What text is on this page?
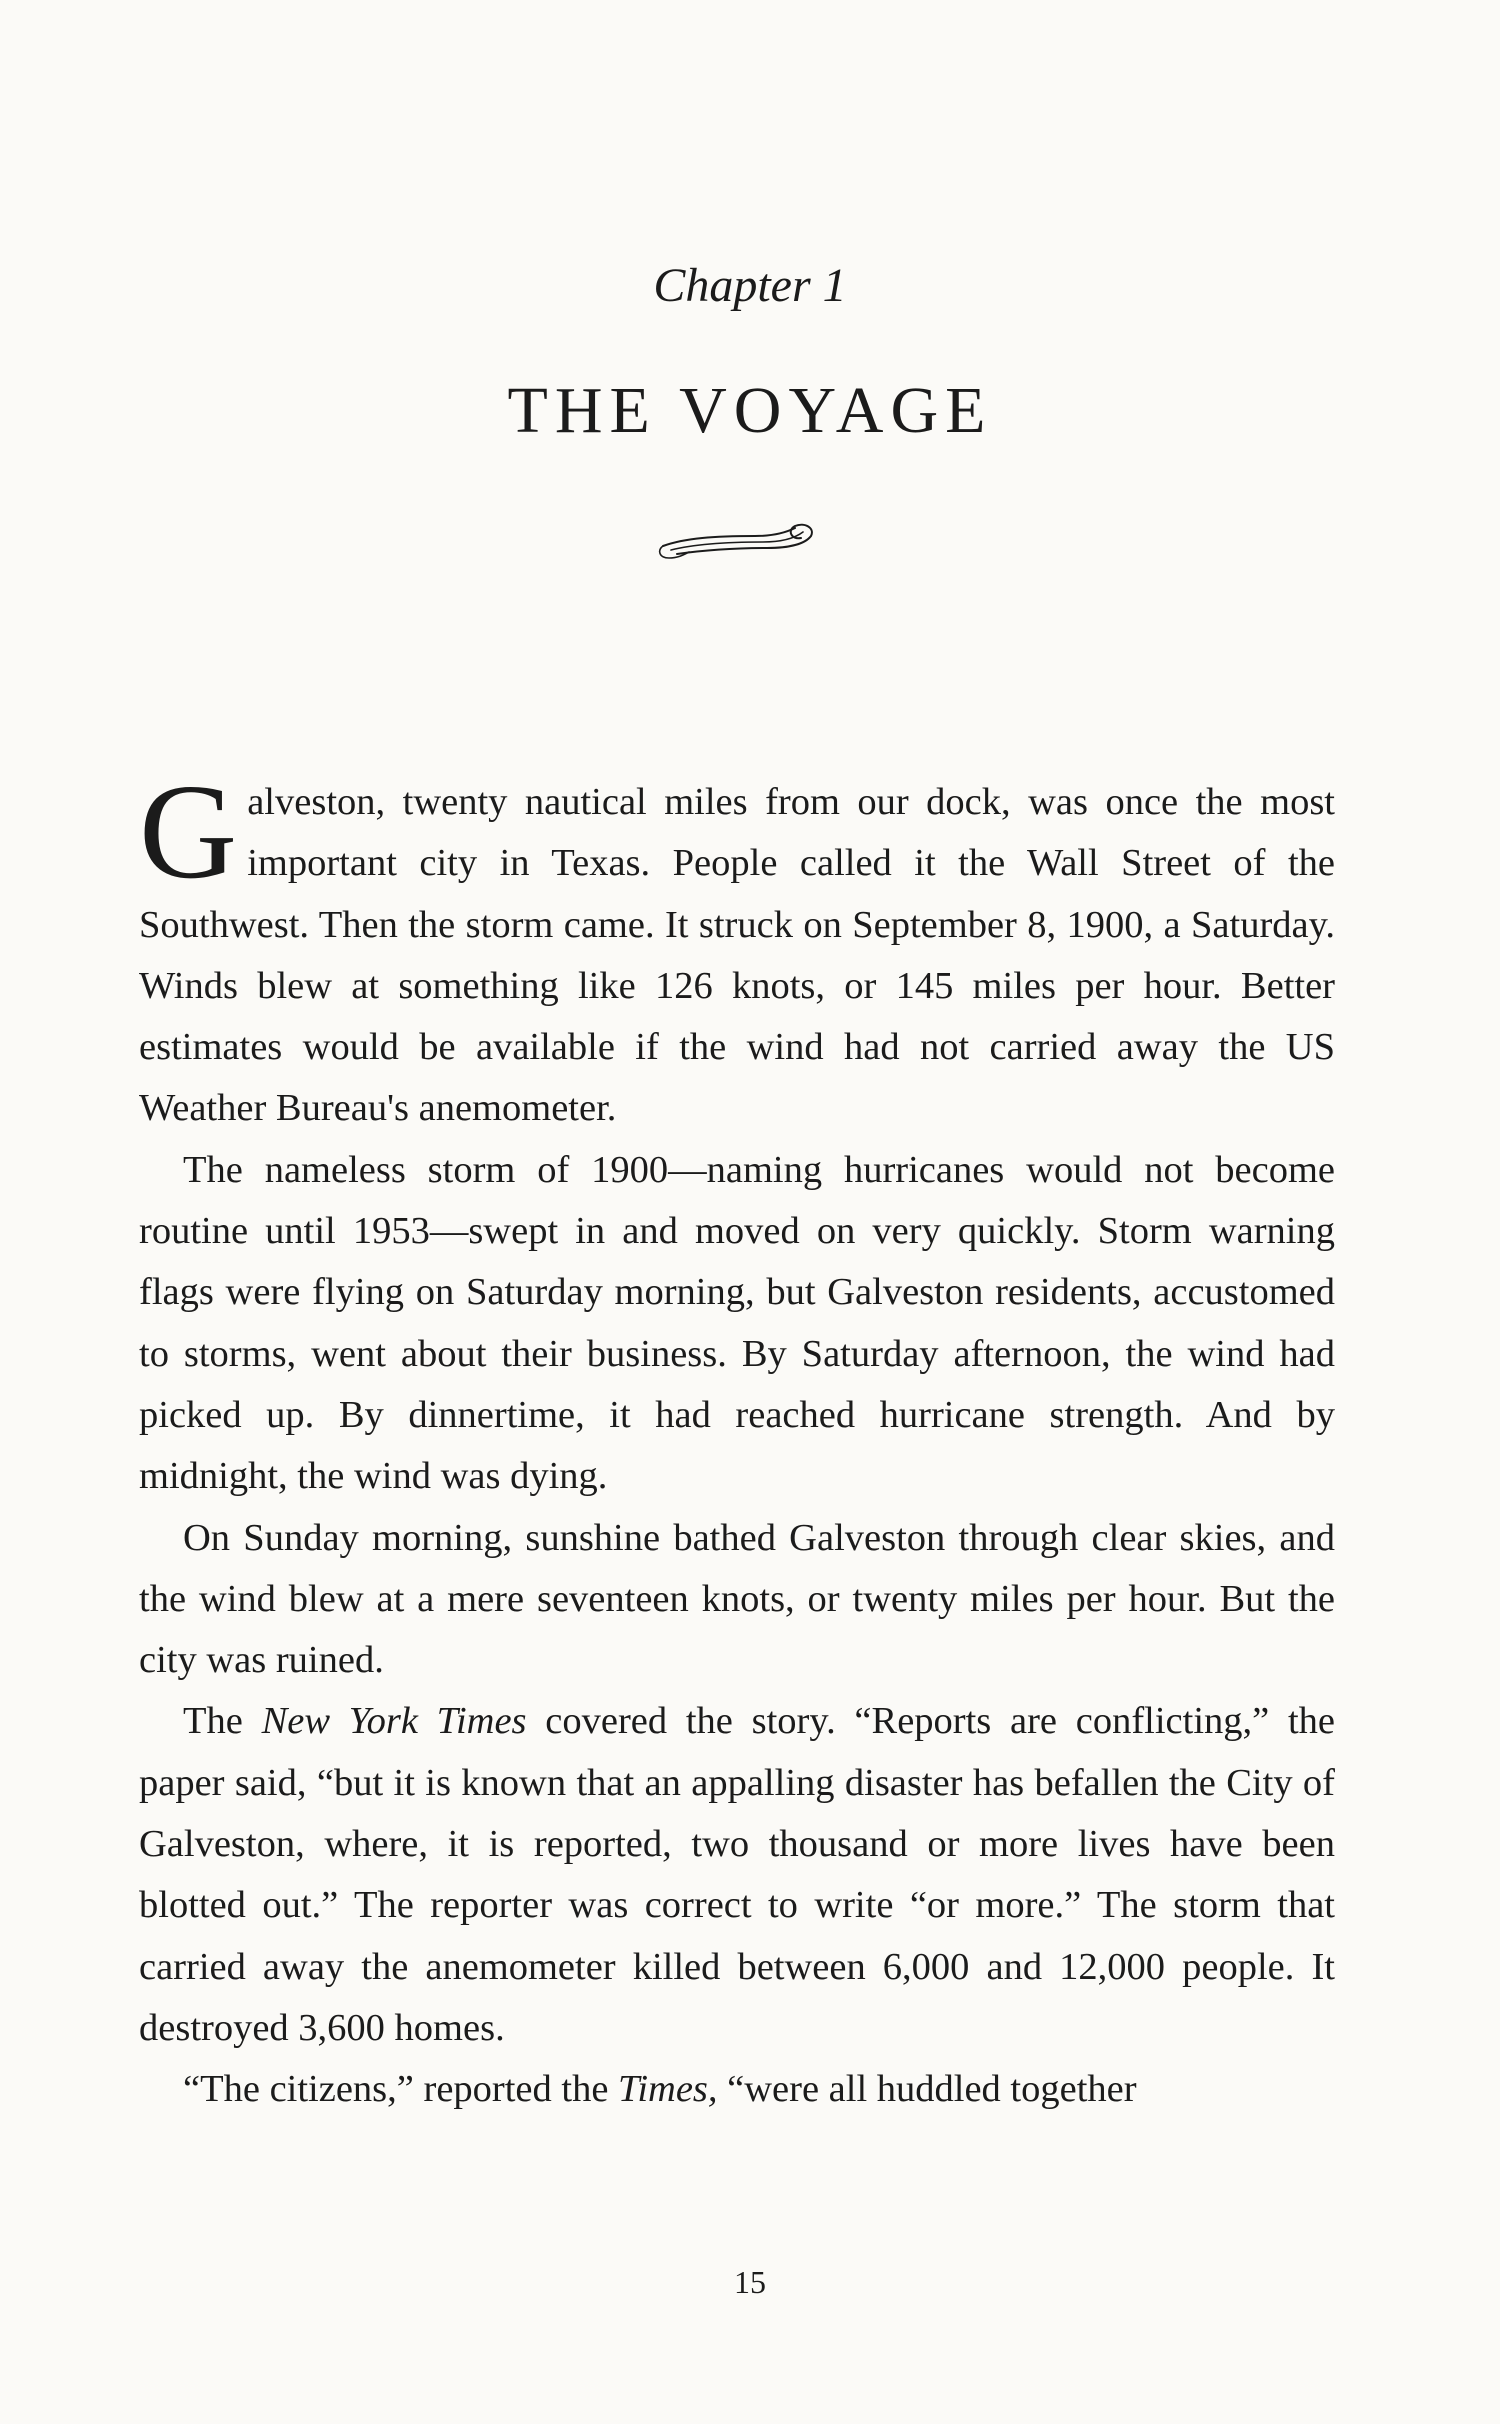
Chapter 1
THE VOYAGE

Galveston, twenty nautical miles from our dock, was once the most important city in Texas. People called it the Wall Street of the Southwest. Then the storm came. It struck on September 8, 1900, a Saturday. Winds blew at something like 126 knots, or 145 miles per hour. Better estimates would be available if the wind had not carried away the US Weather Bureau's anemometer.

The nameless storm of 1900—naming hurricanes would not become routine until 1953—swept in and moved on very quickly. Storm warning flags were flying on Saturday morning, but Galveston residents, accustomed to storms, went about their business. By Saturday afternoon, the wind had picked up. By dinnertime, it had reached hurricane strength. And by midnight, the wind was dying.

On Sunday morning, sunshine bathed Galveston through clear skies, and the wind blew at a mere seventeen knots, or twenty miles per hour. But the city was ruined.

The New York Times covered the story. “Reports are conflicting,” the paper said, “but it is known that an appalling disaster has befallen the City of Galveston, where, it is reported, two thousand or more lives have been blotted out.” The reporter was correct to write “or more.” The storm that carried away the anemometer killed between 6,000 and 12,000 people. It destroyed 3,600 homes.

“The citizens,” reported the Times, “were all huddled together

15
